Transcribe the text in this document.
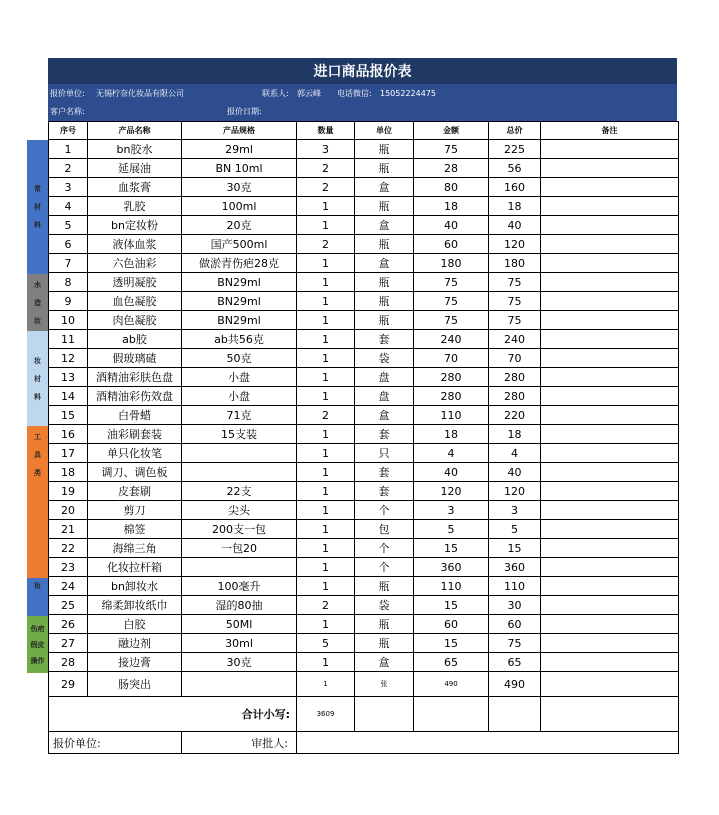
进口商品报价表
报价单位: 无锡柠奈化妆品有限公司	联系人: 郭云峰 电话微信: 15052224475
客户名称:	报价日期:
常
材
料
水
造
妆
妆
材
料
工
具
类
妆
伤疤
假皮
操作
序号	产品名称	产品规格	数量	单位	金额	总价	备注
1	bn胶水	29ml	3	瓶	75	225	
2	延展油	BN 10ml	2	瓶	28	56	
3	血浆膏	30克	2	盒	80	160	
4	乳胶	100ml	1	瓶	18	18	
5	bn定妆粉	20克	1	盒	40	40	
6	液体血浆	国产500ml	2	瓶	60	120	
7	六色油彩	做淤青伤疤28克	1	盒	180	180	
8	透明凝胶	BN29ml	1	瓶	75	75	
9	血色凝胶	BN29ml	1	瓶	75	75	
10	肉色凝胶	BN29ml	1	瓶	75	75	
11	ab胶	ab共56克	1	套	240	240	
12	假玻璃碴	50克	1	袋	70	70	
13	酒精油彩肤色盘	小盘	1	盘	280	280	
14	酒精油彩伤效盘	小盘	1	盘	280	280	
15	白骨蜡	71克	2	盒	110	220	
16	油彩刷套装	15支装	1	套	18	18	
17	单只化妆笔		1	只	4	4	
18	调刀、调色板		1	套	40	40	
19	皮套刷	22支	1	套	120	120	
20	剪刀	尖头	1	个	3	3	
21	棉签	200支一包	1	包	5	5	
22	海绵三角	一包20	1	个	15	15	
23	化妆拉杆箱		1	个	360	360	
24	bn卸妆水	100毫升	1	瓶	110	110	
25	绵柔卸妆纸巾	湿的80抽	2	袋	15	30	
26	白胶	50Ml	1	瓶	60	60	
27	融边剂	30ml	5	瓶	15	75	
28	接边膏	30克	1	盒	65	65	
29	肠突出		1	张	490	490	
合计小写:			3609				
报价单位:		审批人:					
